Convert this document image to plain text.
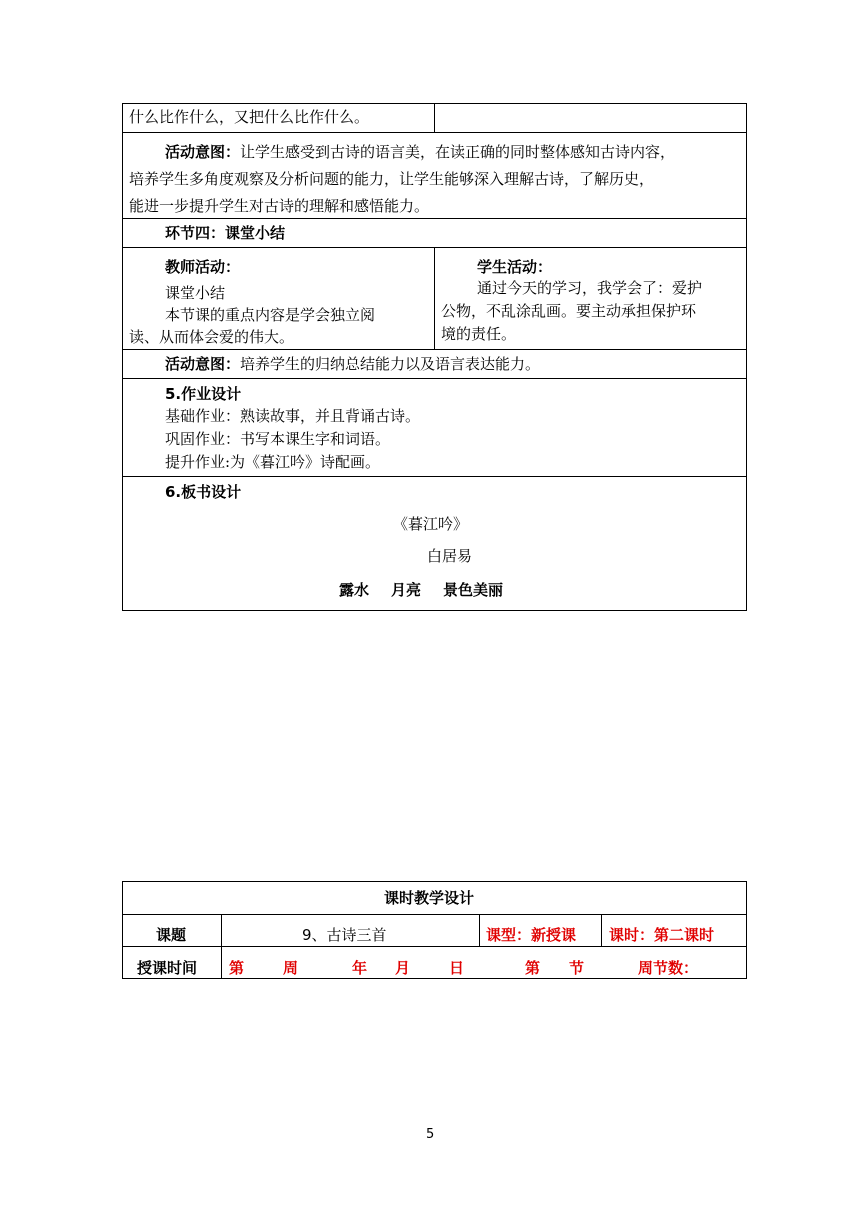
什么比作什么，又把什么比作什么。
活动意图：让学生感受到古诗的语言美，在读正确的同时整体感知古诗内容，
培养学生多角度观察及分析问题的能力，让学生能够深入理解古诗，了解历史，
能进一步提升学生对古诗的理解和感悟能力。
环节四：课堂小结
教师活动：
课堂小结
本节课的重点内容是学会独立阅
读、从而体会爱的伟大。
学生活动：
通过今天的学习，我学会了：爱护
公物，不乱涂乱画。要主动承担保护环
境的责任。
活动意图：培养学生的归纳总结能力以及语言表达能力。
5.作业设计
基础作业：熟读故事，并且背诵古诗。
巩固作业：书写本课生字和词语。
提升作业:为《暮江吟》诗配画。
6.板书设计
《暮江吟》
白居易
露水 月亮 景色美丽
课时教学设计
课题	9、古诗三首	课型：新授课 课时：第二课时
授课时间 第	周	年 月	日	第 节	周节数：
5
